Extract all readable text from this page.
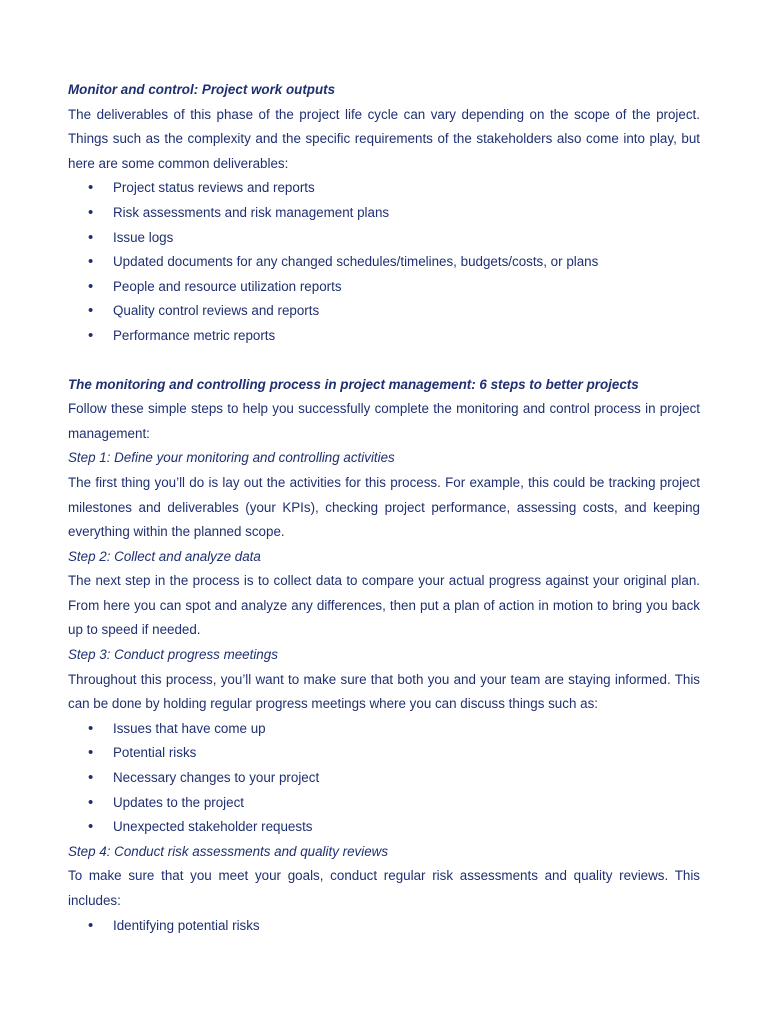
Monitor and control: Project work outputs

The deliverables of this phase of the project life cycle can vary depending on the scope of the project. Things such as the complexity and the specific requirements of the stakeholders also come into play, but here are some common deliverables:

• Project status reviews and reports
• Risk assessments and risk management plans
• Issue logs
• Updated documents for any changed schedules/timelines, budgets/costs, or plans
• People and resource utilization reports
• Quality control reviews and reports
• Performance metric reports

The monitoring and controlling process in project management: 6 steps to better projects

Follow these simple steps to help you successfully complete the monitoring and control process in project management:

Step 1: Define your monitoring and controlling activities

The first thing you’ll do is lay out the activities for this process. For example, this could be tracking project milestones and deliverables (your KPIs), checking project performance, assessing costs, and keeping everything within the planned scope.

Step 2: Collect and analyze data

The next step in the process is to collect data to compare your actual progress against your original plan. From here you can spot and analyze any differences, then put a plan of action in motion to bring you back up to speed if needed.

Step 3: Conduct progress meetings

Throughout this process, you’ll want to make sure that both you and your team are staying informed. This can be done by holding regular progress meetings where you can discuss things such as:

• Issues that have come up
• Potential risks
• Necessary changes to your project
• Updates to the project
• Unexpected stakeholder requests

Step 4: Conduct risk assessments and quality reviews

To make sure that you meet your goals, conduct regular risk assessments and quality reviews. This includes:

• Identifying potential risks
